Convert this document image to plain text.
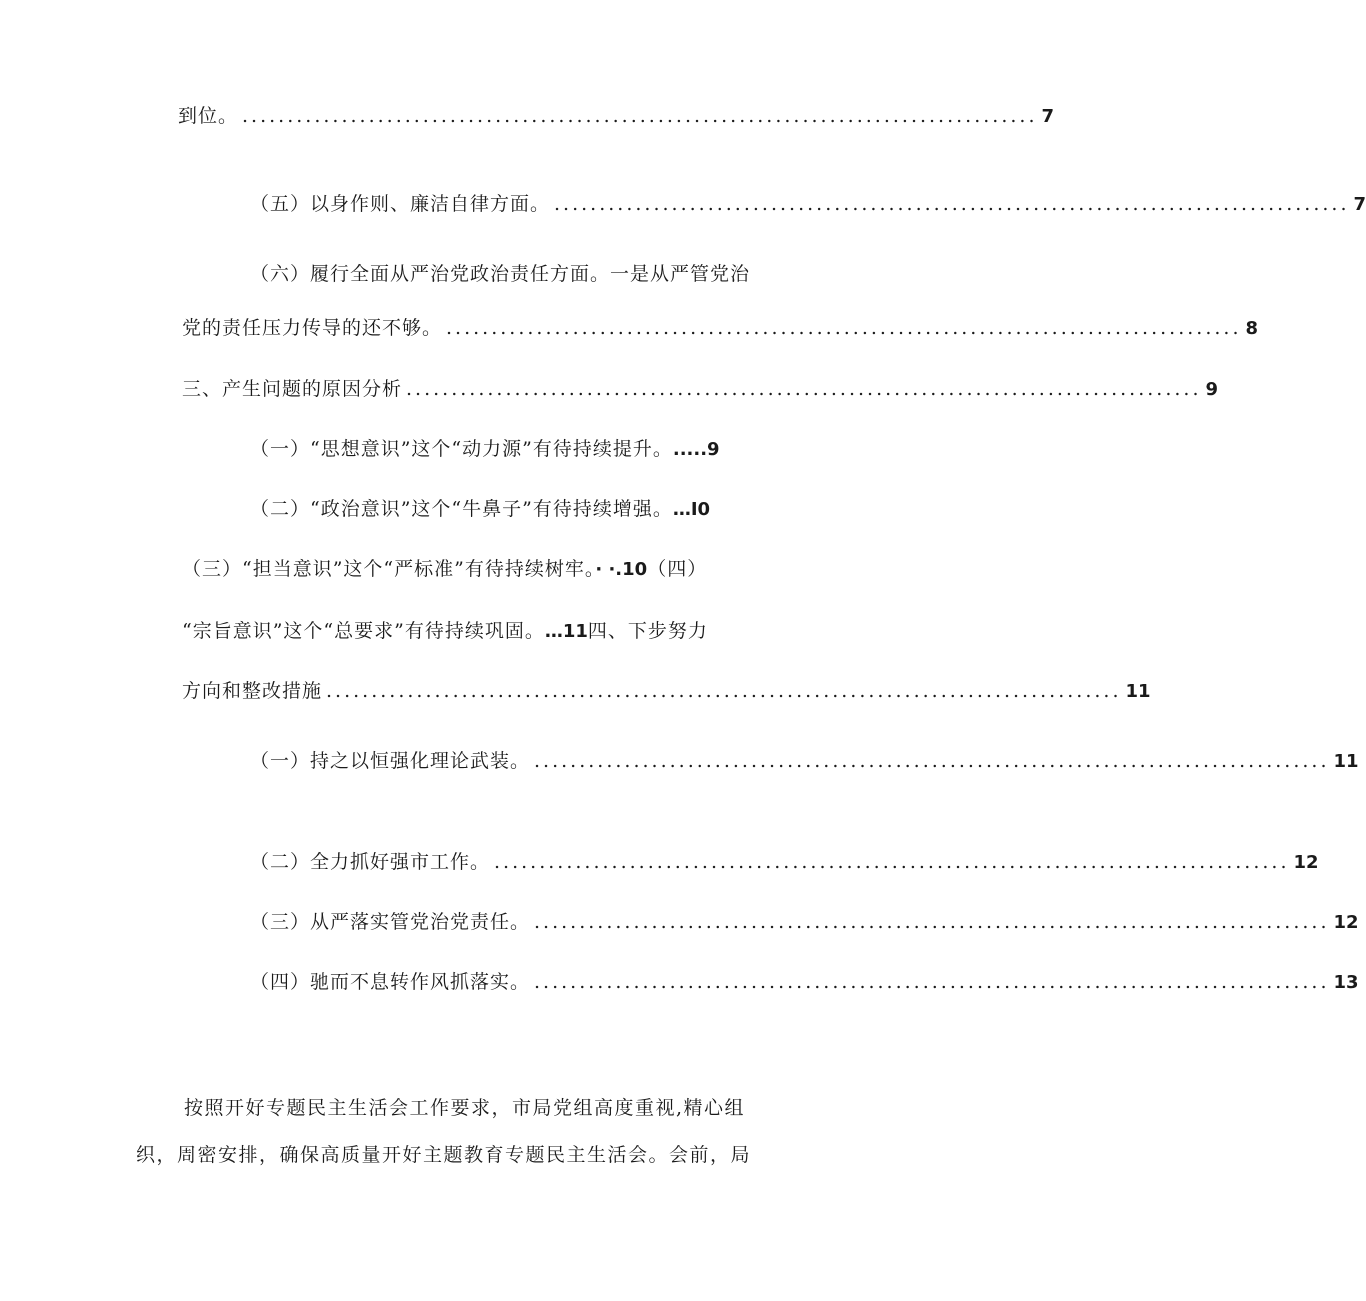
到位。 ........................................................................................ 7
（五）以身作则、廉洁自律方面。 ........................................................................................ 7
（六）履行全面从严治党政治责任方面。一是从严管党治
党的责任压力传导的还不够。 ........................................................................................ 8
三、产生问题的原因分析 ........................................................................................ 9
（一）“思想意识”这个“动力源”有待持续提升。.....9
（二）“政治意识”这个“牛鼻子”有待持续增强。…I0
（三）“担当意识”这个“严标准”有待持续树牢。· ·.10（四）
“宗旨意识”这个“总要求”有待持续巩固。…11四、下步努力
方向和整改措施 ........................................................................................ 11
（一）持之以恒强化理论武装。 ........................................................................................ 11
（二）全力抓好强市工作。 ........................................................................................ 12
（三）从严落实管党治党责任。 ........................................................................................ 12
（四）驰而不息转作风抓落实。 ........................................................................................ 13
按照开好专题民主生活会工作要求，市局党组高度重视,精心组
织，周密安排，确保高质量开好主题教育专题民主生活会。会前，局
